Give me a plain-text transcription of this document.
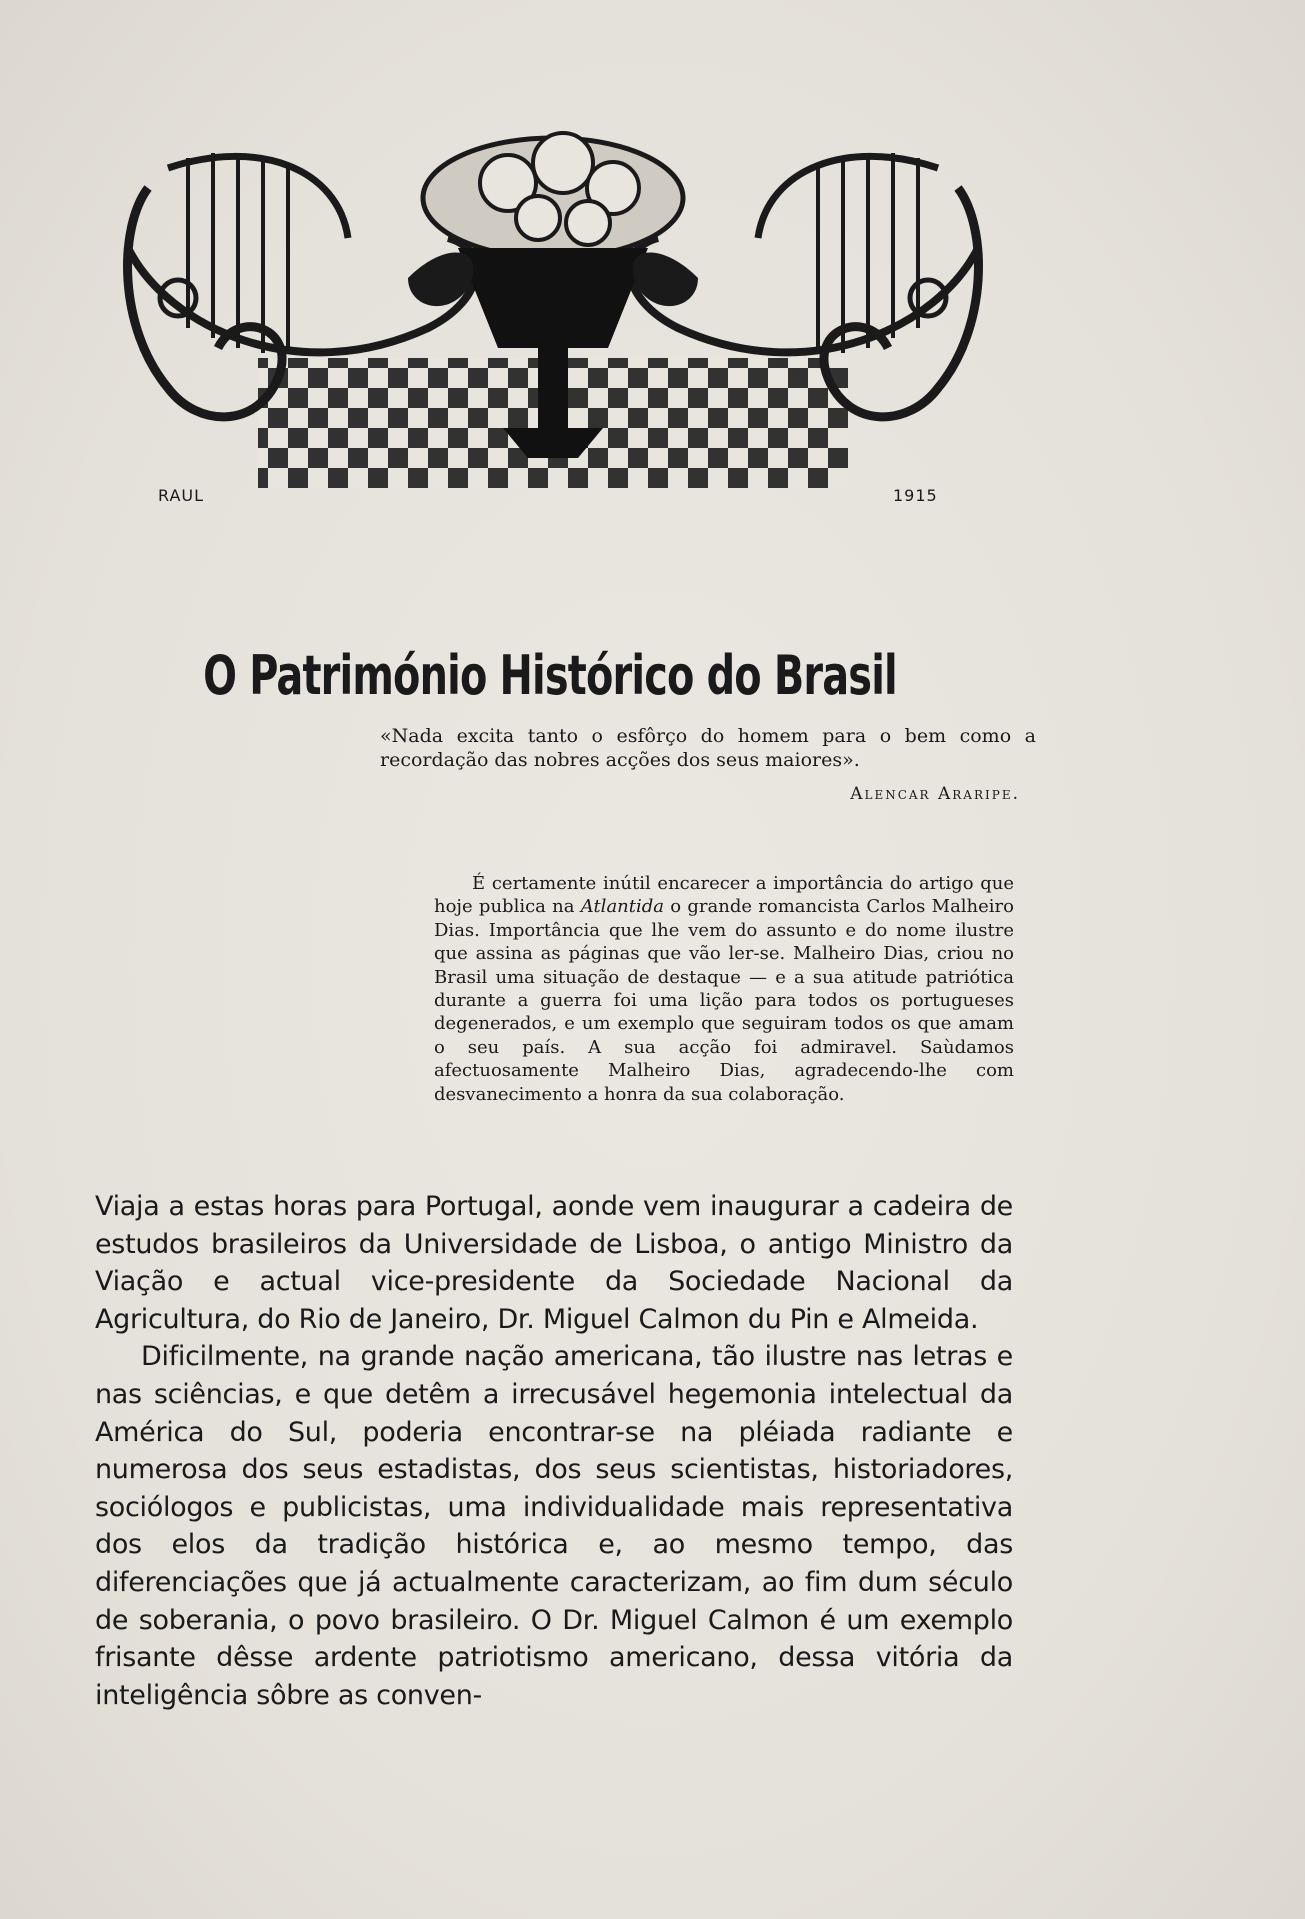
RAUL	1915
O Património Histórico do Brasil
«Nada excita tanto o esfôrço do homem para o bem como a recordação das nobres acções dos seus maiores».
Alencar Araripe.
É certamente inútil encarecer a importância do artigo que hoje publica na Atlantida o grande romancista Carlos Malheiro Dias. Importância que lhe vem do assunto e do nome ilustre que assina as páginas que vão ler-se. Malheiro Dias, criou no Brasil uma situação de destaque — e a sua atitude patriótica durante a guerra foi uma lição para todos os portugueses degenerados, e um exemplo que seguiram todos os que amam o seu país. A sua acção foi admiravel. Saùdamos afectuosamente Malheiro Dias, agradecendo-lhe com desvanecimento a honra da sua colaboração.

Viaja a estas horas para Portugal, aonde vem inaugurar a cadeira de estudos brasileiros da Universidade de Lisboa, o antigo Ministro da Viação e actual vice-presidente da Sociedade Nacional da Agricultura, do Rio de Janeiro, Dr. Miguel Calmon du Pin e Almeida.

Dificilmente, na grande nação americana, tão ilustre nas letras e nas sciências, e que detêm a irrecusável hegemonia intelectual da América do Sul, poderia encontrar-se na pléiada radiante e numerosa dos seus estadistas, dos seus scientistas, historiadores, sociólogos e publicistas, uma individualidade mais representativa dos elos da tradição histórica e, ao mesmo tempo, das diferenciações que já actualmente caracterizam, ao fim dum século de soberania, o povo brasileiro. O Dr. Miguel Calmon é um exemplo frisante dêsse ardente patriotismo americano, dessa vitória da inteligência sôbre as conven-
